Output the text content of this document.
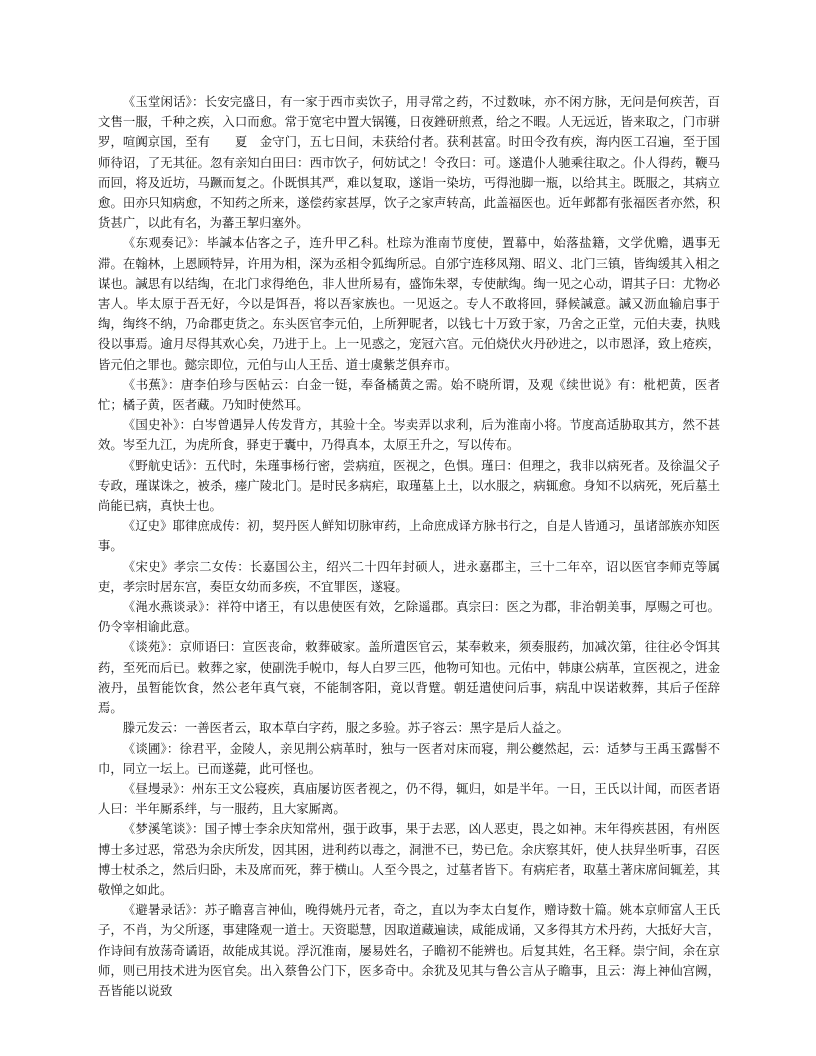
《玉堂闲话》：长安完盛日，有一家于西市卖饮子，用寻常之药，不过数味，亦不闲方脉，无问是何疾苦，百文售一服，千种之疾，入口而愈。常于宽宅中置大锅镬，日夜銼研煎煮，给之不暇。人无远近，皆来取之，门市骈罗，喧阗京国，至有　　夏　金守门，五七日间，未获给付者。获利甚富。时田令孜有疾，海内医工召遍，至于国师待诏，了无其征。忽有亲知白田曰：西市饮子，何妨试之！令孜曰：可。遂遣仆人驰乘往取之。仆人得药，鞭马而回，将及近坊，马蹶而复之。仆既惧其严，难以复取，遂诣一染坊，丐得池脚一瓶，以给其主。既服之，其病立愈。田亦只知病愈，不知药之所来，遂偿药家甚厚，饮子之家声转高，此盖福医也。近年邺都有张福医者亦然，积货甚广，以此有名，为蕃王挈归塞外。

《东观奏记》：毕諴本佔客之子，连升甲乙科。杜琮为淮南节度使，置幕中，始落盐籍，文学优赡，遇事无滞。在翰林，上恩顾特异，许用为相，深为丞相令狐绹所忌。自邠宁连移凤翔、昭义、北门三镇，皆绹缓其入相之谋也。諴思有以结绹，在北门求得绝色，非人世所易有，盛饰朱翠，专使献绹。绹一见之心动，谓其子曰：尤物必害人。毕太原于吾无好，今以是饵吾，将以吾家族也。一见返之。专人不敢将回，驿候諴意。諴又沥血输启事于绹，绹终不纳，乃命郡吏货之。东头医官李元伯，上所狎昵者，以钱七十万致于家，乃舍之正堂，元伯夫妻，执贱役以事焉。逾月尽得其欢心矣，乃进于上。上一见惑之，宠冠六宫。元伯烧伏火丹砂进之，以市恩泽，致上疮疾，皆元伯之罪也。懿宗即位，元伯与山人王岳、道士虞紫芝俱弃市。

《书蕉》：唐李伯珍与医帖云：白金一铤，奉备橘黄之需。始不晓所谓，及观《续世说》有：枇杷黄，医者忙；橘子黄，医者藏。乃知时使然耳。

《国史补》：白岑曾遇异人传发背方，其验十全。岑卖弄以求利，后为淮南小将。节度高适胁取其方，然不甚效。岑至九江，为虎所食，驿吏于囊中，乃得真本，太原王升之，写以传布。

《野航史话》：五代时，朱瑾事杨行密，尝病疽，医视之，色惧。瑾曰：但理之，我非以病死者。及徐温父子专政，瑾谋诛之，被杀，瘗广陵北门。是时民多病疟，取瑾墓上土，以水服之，病辄愈。身知不以病死，死后墓土尚能已病，真快士也。

《辽史》耶律庶成传：初，契丹医人鲜知切脉审药，上命庶成译方脉书行之，自是人皆通习，虽诸部族亦知医事。

《宋史》孝宗二女传：长嘉国公主，绍兴二十四年封硕人，进永嘉郡主，三十二年卒，诏以医官李师克等属吏，孝宗时居东宫，奏臣女幼而多疾，不宜罪医，遂寝。

《渑水燕谈录》：祥符中诸王，有以患使医有效，乞除遥郡。真宗曰：医之为郡，非治朝美事，厚赐之可也。仍令宰相谕此意。

《谈苑》：京师语曰：宣医丧命，敕葬破家。盖所遣医官云，某奉敕来，须奏服药，加减次第，往往必令饵其药，至死而后已。敕葬之家，使副洗手帨巾，每人白罗三匹，他物可知也。元佑中，韩康公病革，宣医视之，进金液丹，虽暂能饮食，然公老年真气衰，不能制客阳，竟以背躄。朝廷遣使问后事，病乱中误诺敕葬，其后子侄辞焉。

滕元发云：一善医者云，取本草白字药，服之多验。苏子容云：黑字是后人益之。

《谈圃》：徐君平，金陵人，亲见荆公病革时，独与一医者对床而寝，荆公夔然起，云：适梦与王禹玉露髻不巾，同立一坛上。已而遂薨，此可怪也。

《昼墁录》：州东王文公寝疾，真庙屡访医者视之，仍不得，辄归，如是半年。一日，王氏以计闻，而医者语人曰：半年厮系绊，与一服药，且大家厮离。

《梦溪笔谈》：国子博士李余庆知常州，强于政事，果于去恶，凶人恶吏，畏之如神。末年得疾甚困，有州医博士多过恶，常恐为余庆所发，因其困，进利药以毒之，洞泄不已，势已危。余庆察其奸，使人扶舁坐听事，召医博士杖杀之，然后归卧，未及席而死，葬于横山。人至今畏之，过墓者皆下。有病疟者，取墓土著床席间辄差，其敬惮之如此。

《避暑录话》：苏子瞻喜言神仙，晚得姚丹元者，奇之，直以为李太白复作，赠诗数十篇。姚本京师富人王氏子，不肖，为父所逐，事建隆观一道士。天资聪慧，因取道藏遍读，咸能成诵，又多得其方术丹药，大抵好大言，作诗间有放荡奇谲语，故能成其说。浮沉淮南，屡易姓名，子瞻初不能辨也。后复其姓，名王释。崇宁间，余在京师，则已用技术进为医官矣。出入蔡鲁公门下，医多奇中。余犹及见其与鲁公言从子瞻事，且云：海上神仙宫阙，吾皆能以说致
